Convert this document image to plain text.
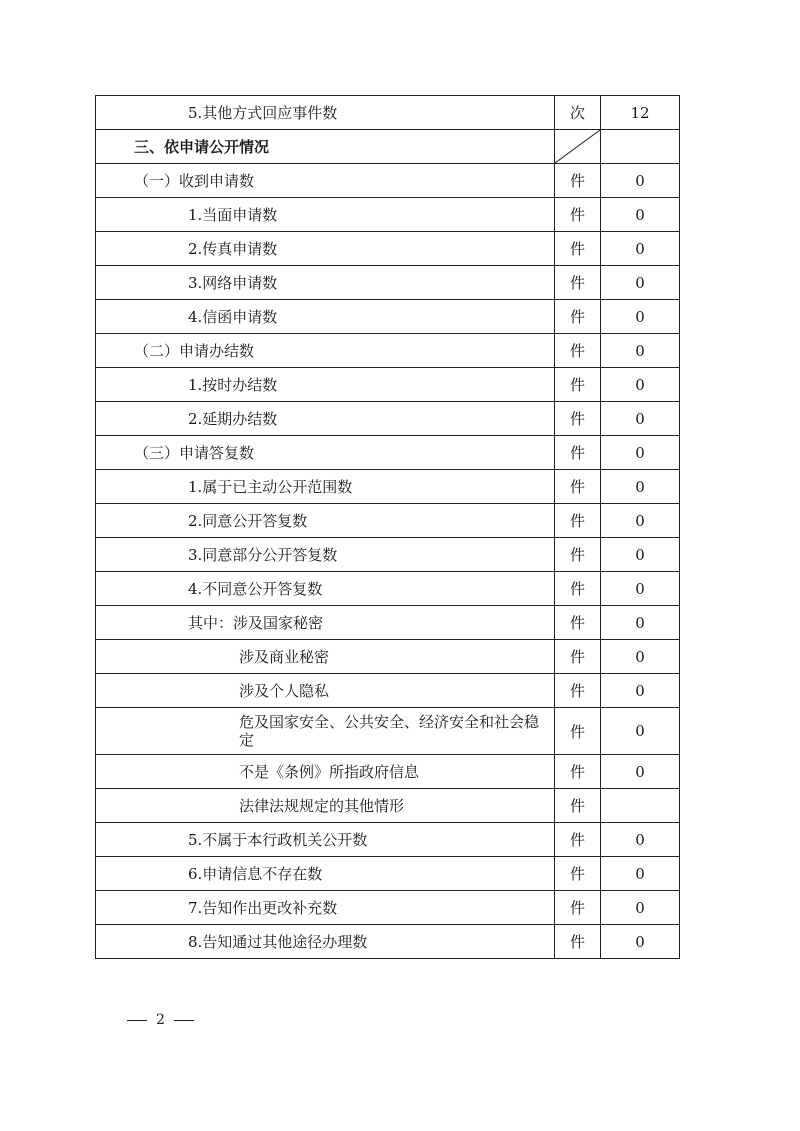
5.其他方式回应事件数	次	12
三、依申请公开情况	

（一）收到申请数	件	0
1.当面申请数	件	0
2.传真申请数	件	0
3.网络申请数	件	0
4.信函申请数	件	0
（二）申请办结数	件	0
1.按时办结数	件	0
2.延期办结数	件	0
（三）申请答复数	件	0
1.属于已主动公开范围数	件	0
2.同意公开答复数	件	0
3.同意部分公开答复数	件	0
4.不同意公开答复数	件	0
其中：涉及国家秘密	件	0
涉及商业秘密	件	0
涉及个人隐私	件	0
危及国家安全、公共安全、经济安全和社会稳定	件	0
不是《条例》所指政府信息	件	0
法律法规规定的其他情形	件	
5.不属于本行政机关公开数	件	0
6.申请信息不存在数	件	0
7.告知作出更改补充数	件	0
8.告知通过其他途径办理数	件	0
2
